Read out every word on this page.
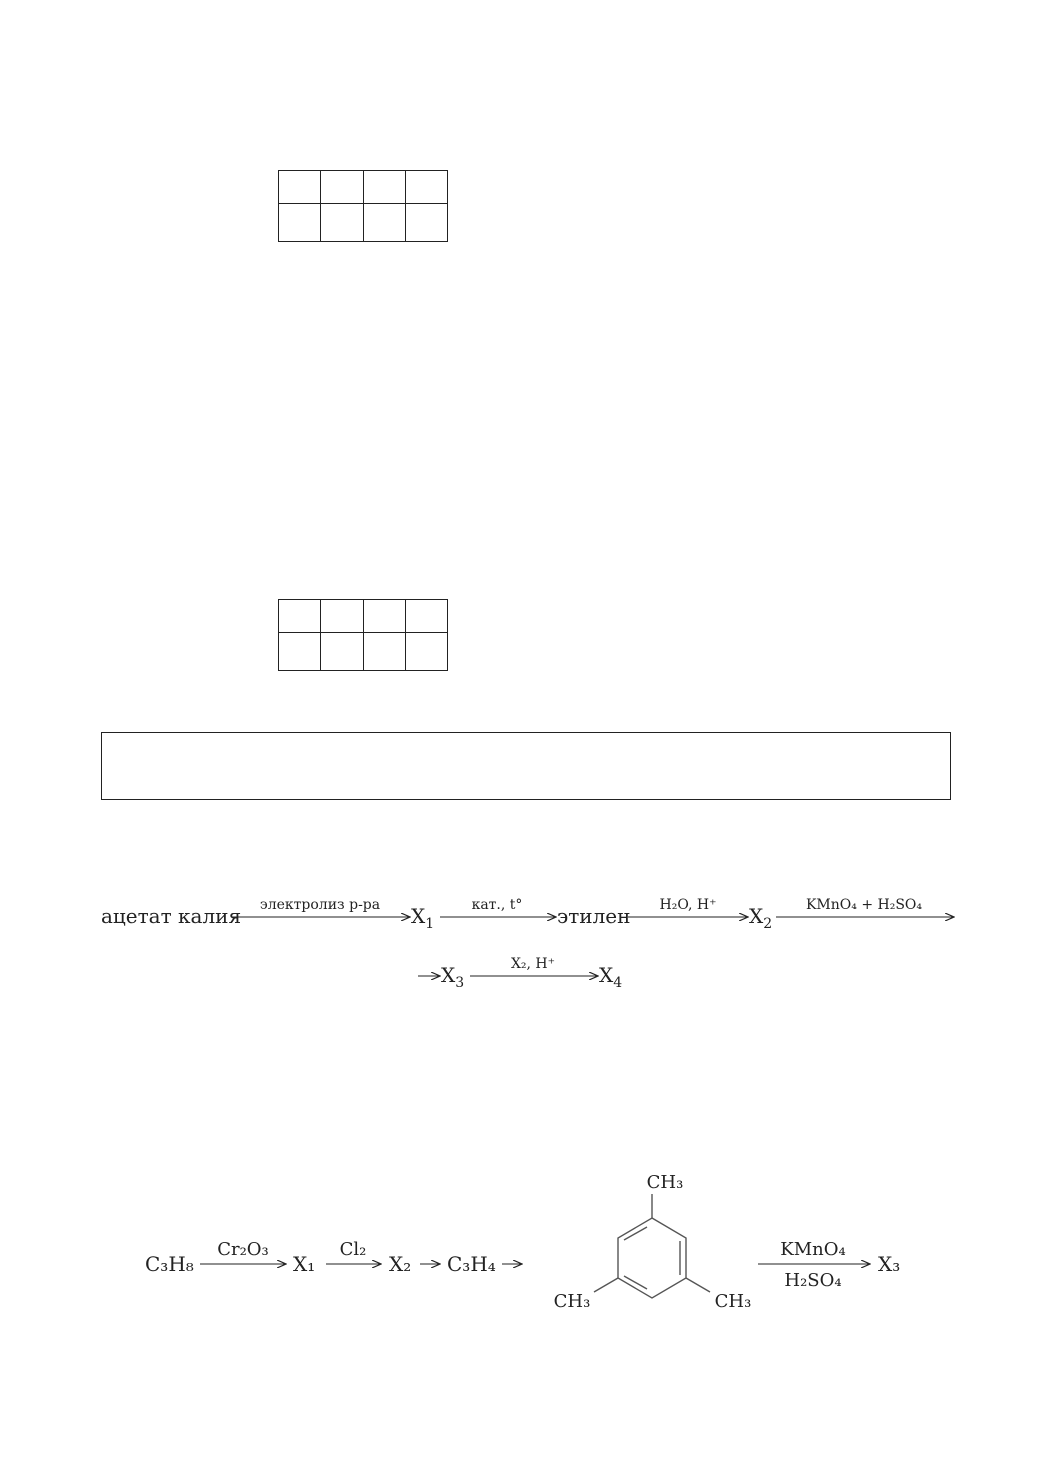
ацетат калия электролиз р-ра $X_1$
кат., t° этилен H₂O, H⁺ $X_2$
KMnO₄ + H₂SO₄
$X_3$
X₂, H⁺ $X_4$
C₃H₈
Cr₂O₃
X₁
Cl₂
X₂ C₃H₄
CH₃
CH₃	CH₃
KMnO₄
H₂SO₄
X₃
